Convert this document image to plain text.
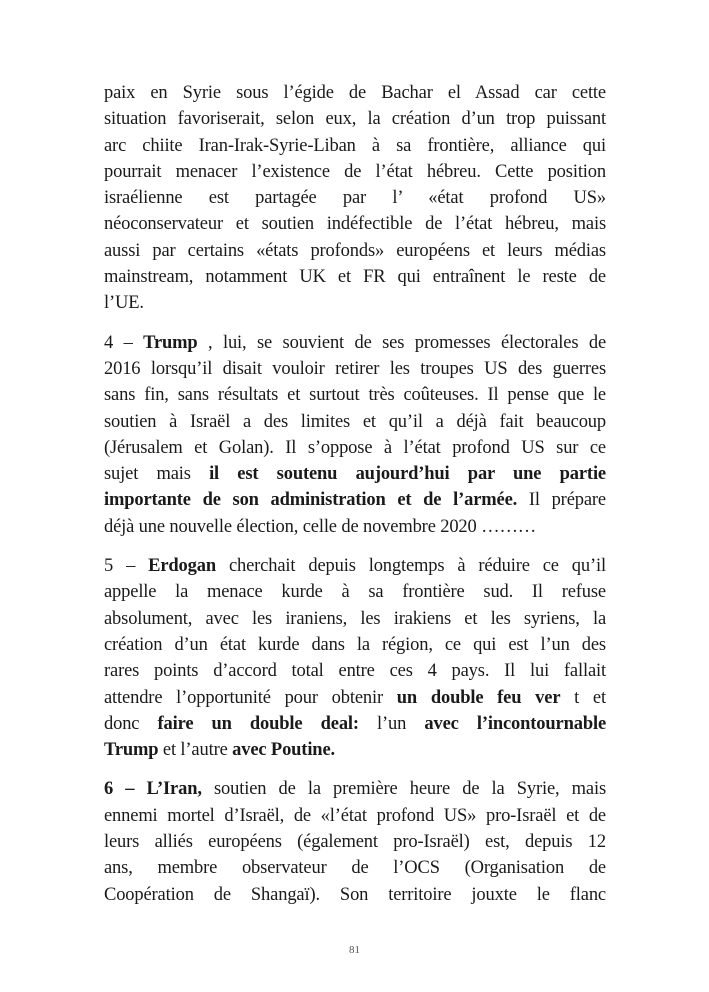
paix en Syrie sous l’égide de Bachar el Assad car cette
situation favoriserait, selon eux, la création d’un trop puissant
arc chiite Iran-Irak-Syrie-Liban à sa frontière, alliance qui
pourrait menacer l’existence de l’état hébreu. Cette position
israélienne est partagée par l’ «état profond US»
néoconservateur et soutien indéfectible de l’état hébreu, mais
aussi par certains «états profonds» européens et leurs médias
mainstream, notamment UK et FR qui entraînent le reste de
l’UE.

4 – Trump , lui, se souvient de ses promesses électorales de
2016 lorsqu’il disait vouloir retirer les troupes US des guerres
sans fin, sans résultats et surtout très coûteuses. Il pense que le
soutien à Israël a des limites et qu’il a déjà fait beaucoup
(Jérusalem et Golan). Il s’oppose à l’état profond US sur ce
sujet mais il est soutenu aujourd’hui par une partie
importante de son administration et de l’armée. Il prépare
déjà une nouvelle élection, celle de novembre 2020 ………

5 – Erdogan cherchait depuis longtemps à réduire ce qu’il
appelle la menace kurde à sa frontière sud. Il refuse
absolument, avec les iraniens, les irakiens et les syriens, la
création d’un état kurde dans la région, ce qui est l’un des
rares points d’accord total entre ces 4 pays. Il lui fallait
attendre l’opportunité pour obtenir un double feu ver t et
donc faire un double deal: l’un avec l’incontournable
Trump et l’autre avec Poutine.

6 – L’Iran, soutien de la première heure de la Syrie, mais
ennemi mortel d’Israël, de «l’état profond US» pro-Israël et de
leurs alliés européens (également pro-Israël) est, depuis 12
ans, membre observateur de l’OCS (Organisation de
Coopération de Shangaï). Son territoire jouxte le flanc

81
